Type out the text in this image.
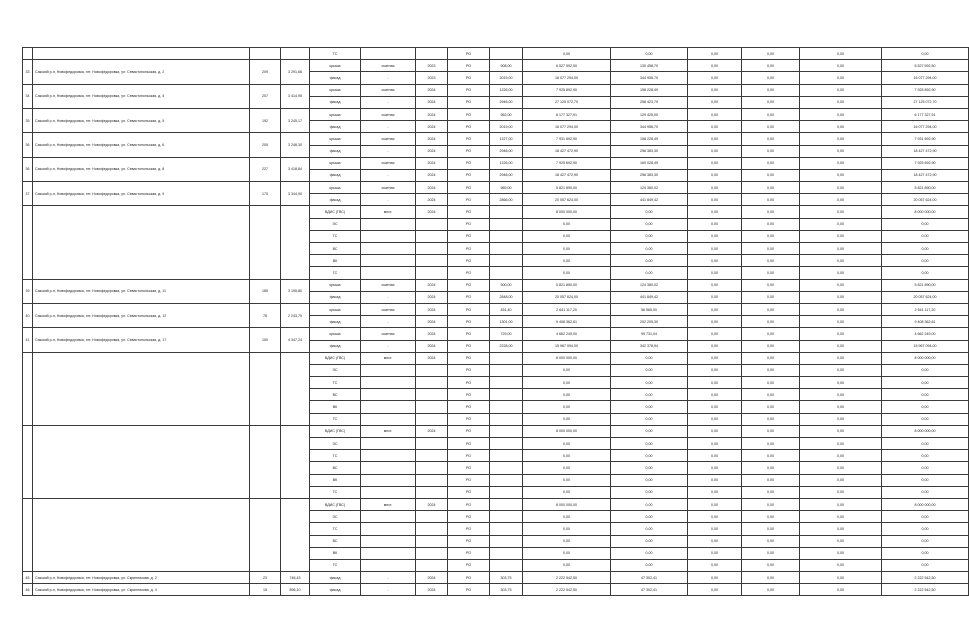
				ТС			РО		0,00	0,00	0,00	0,00	0,00	0,00
33	Сакский р-н, Новофедоровка, пгт. Новофедоровка, ул. Севастопольская, д. 2	209	3 291,66	крыша	скатная	2023	РО	908,00	6 527 592,50	130 458,70	0,00	0,00	0,00	6 527 592,50
				фасад	-	2023	РО	2019,00	16 077 294,00	344 956,70	0,00	0,00	0,00	16 077 294,00
34	Сакский р-н, Новофедоровка, пгт. Новофедоровка, ул. Севастопольская, д. 4	207	3 414,95	крыша	скатная	2024	РО	1226,00	7 925 892,90	158 228,49	0,00	0,00	0,00	7 925 892,90
				фасад	-	2024	РО	2946,00	27 125 072,70	256 423,79	0,00	0,00	0,00	27 125 072,70
35	Сакский р-н, Новофедоровка, пгт. Новофедоровка, ул. Севастопольская, д. 5	192	3 245,17	крыша	скатная	2024	РО	962,00	6 177 327,91	129 425,00	0,00	0,00	0,00	6 177 327,91
				фасад	-	2024	РО	2019,00	16 077 294,00	344 956,70	0,00	0,00	0,00	16 077 294,00
36	Сакский р-н, Новофедоровка, пгт. Новофедоровка, ул. Севастопольская, д. 6	205	3 248,30	крыша	скатная	2024	РО	1227,00	7 931 692,90	158 228,49	0,00	0,00	0,00	7 931 692,90
				фасад	-	2024	РО	2946,00	18 427 472,90	256 383,30	0,00	0,00	0,00	18 427 472,90
36	Сакский р-н, Новофедоровка, пгт. Новофедоровка, ул. Севастопольская, д. 8	227	3 418,84	крыша	скатная	2024	РО	1226,00	7 925 692,90	160 028,49	0,00	0,00	0,00	7 925 692,90
				фасад	-	2024	РО	2946,00	18 427 472,90	256 383,30	0,00	0,00	0,00	18 427 472,90
37	Сакский р-н, Новофедоровка, пгт. Новофедоровка, ул. Севастопольская, д. 9	170	3 344,90	крыша	скатная	2024	РО	969,00	5 821 890,00	124 380,02	0,00	0,00	0,00	5 821 890,00
				фасад	-	2024	РО	2866,00	20 057 624,00	441 849,42	0,00	0,00	0,00	20 057 624,00
				ВДИС (ГВС)	мест.	2024	РО		8 000 000,00	0,00	0,00	0,00	0,00	8 000 000,00
				ЭС			РО		0,00	0,00	0,00	0,00	0,00	0,00
				ТС			РО		0,00	0,00	0,00	0,00	0,00	0,00
				ВС			РО		0,00	0,00	0,00	0,00	0,00	0,00
				ВК			РО		0,00	0,00	0,00	0,00	0,00	0,00
				ГС			РО		0,00	0,00	0,00	0,00	0,00	0,00
39	Сакский р-н, Новофедоровка, пгт. Новофедоровка, ул. Севастопольская, д. 11	185	3 195,80	крыша	скатная	2024	РО	900,00	5 821 890,00	124 380,02	0,00	0,00	0,00	5 821 890,00
				фасад	-	2024	РО	2848,00	20 057 624,00	441 849,42	0,00	0,00	0,00	20 057 624,00
40	Сакский р-н, Новофедоровка, пгт. Новофедоровка, ул. Севастопольская, д. 12	78	2 243,75	крыша	скатная	2024	РО	451,40	2 641 117,20	56 565,00	0,00	0,00	0,00	2 641 117,20
				фасад	-	2024	РО	1301,00	9 408 362,61	202 205,30	0,00	0,00	0,00	9 408 362,61
41	Сакский р-н, Новофедоровка, пгт. Новофедоровка, ул. Севастопольская, д. 17	150	4 347,24	крыша	скатная	2024	РО	729,00	4 662 249,00	99 731,04	0,00	0,00	0,00	4 662 249,00
				фасад	-	2024	РО	2228,00	15 967 094,00	342 378,94	0,00	0,00	0,00	15 967 094,00
				ВДИС (ГВС)	мест.	2024	РО		8 000 000,00	0,00	0,00	0,00	0,00	8 000 000,00
				ЭС			РО		0,00	0,00	0,00	0,00	0,00	0,00
				ТС			РО		0,00	0,00	0,00	0,00	0,00	0,00
				ВС			РО		0,00	0,00	0,00	0,00	0,00	0,00
				ВК			РО		0,00	0,00	0,00	0,00	0,00	0,00
				ГС			РО		0,00	0,00	0,00	0,00	0,00	0,00
				ВДИС (ГВС)	мест.	2024	РО		8 000 000,00	0,00	0,00	0,00	0,00	8 000 000,00
				ЭС			РО		0,00	0,00	0,00	0,00	0,00	0,00
				ТС			РО		0,00	0,00	0,00	0,00	0,00	0,00
				ВС			РО		0,00	0,00	0,00	0,00	0,00	0,00
				ВК			РО		0,00	0,00	0,00	0,00	0,00	0,00
				ГС			РО		0,00	0,00	0,00	0,00	0,00	0,00
				ВДИС (ГВС)	мест.	2024	РО		8 000 000,00	0,00	0,00	0,00	0,00	8 000 000,00
				ЭС			РО		0,00	0,00	0,00	0,00	0,00	0,00
				ТС			РО		0,00	0,00	0,00	0,00	0,00	0,00
				ВС			РО		0,00	0,00	0,00	0,00	0,00	0,00
				ВК			РО		0,00	0,00	0,00	0,00	0,00	0,00
				ГС			РО		0,00	0,00	0,00	0,00	0,00	0,00
45	Сакский р-н, Новофедоровка, пгт. Новофедоровка, ул. Скрипникова, д. 2	23	746,43	фасад	-	2024	РО	303,75	2 222 542,50	47 302,41	0,00	0,00	0,00	2 222 542,50
46	Сакский р-н, Новофедоровка, пгт. Новофедоровка, ул. Скрипникова, д. 4	15	896,10	фасад	-	2024	РО	303,75	2 222 542,50	47 302,41	0,00	0,00	0,00	2 222 542,50
